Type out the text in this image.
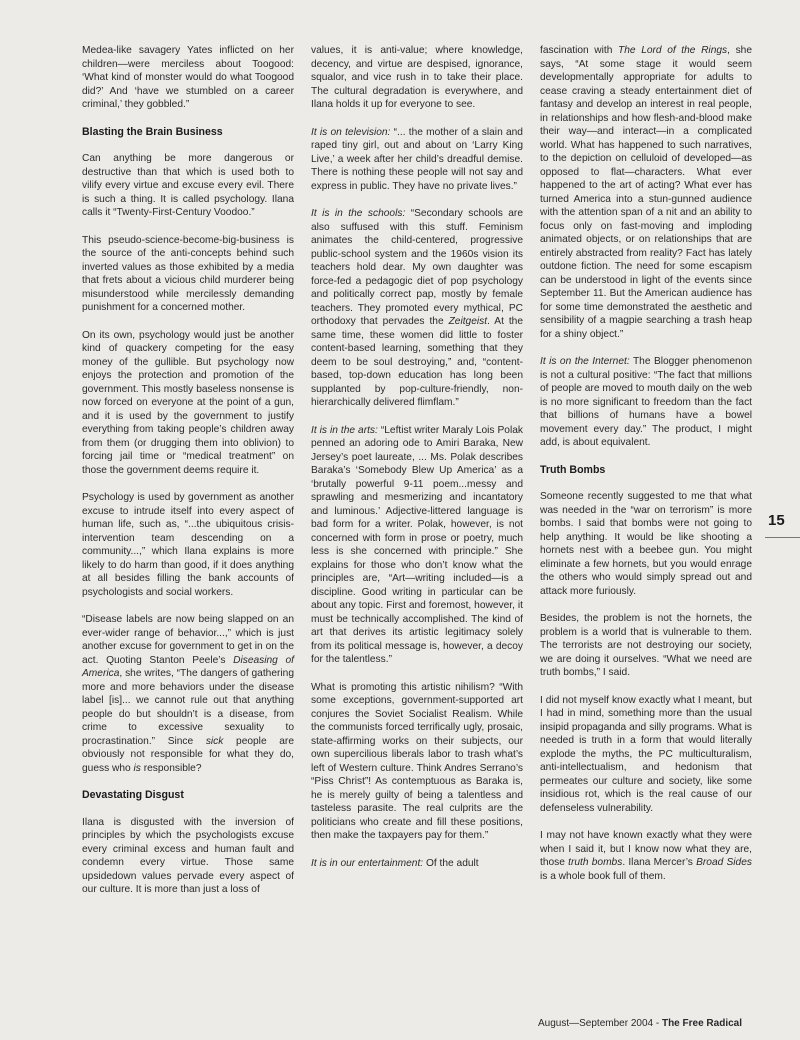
Medea-like savagery Yates inflicted on her children—were merciless about Toogood: ‘What kind of monster would do what Toogood did?’ And ‘have we stumbled on a career criminal,’ they gobbled.”

Blasting the Brain Business

Can anything be more dangerous or destructive than that which is used both to vilify every virtue and excuse every evil. There is such a thing. It is called psychology. Ilana calls it “Twenty-First-Century Voodoo.”

This pseudo-science-become-big-business is the source of the anti-concepts behind such inverted values as those exhibited by a media that frets about a vicious child murderer being misunderstood while mercilessly demanding punishment for a concerned mother.

On its own, psychology would just be another kind of quackery competing for the easy money of the gullible. But psychology now enjoys the protection and promotion of the government. This mostly baseless nonsense is now forced on everyone at the point of a gun, and it is used by the government to justify everything from taking people’s children away from them (or drugging them into oblivion) to forcing jail time or “medical treatment” on those the government deems require it.

Psychology is used by government as another excuse to intrude itself into every aspect of human life, such as, “...the ubiquitous crisis-intervention team descending on a community...,” which Ilana explains is more likely to do harm than good, if it does anything at all besides filling the bank accounts of psychologists and social workers.

“Disease labels are now being slapped on an ever-wider range of behavior...,” which is just another excuse for government to get in on the act. Quoting Stanton Peele’s Diseasing of America, she writes, “The dangers of gathering more and more behaviors under the disease label [is]... we cannot rule out that anything people do but shouldn’t is a disease, from crime to excessive sexuality to procrastination.” Since sick people are obviously not responsible for what they do, guess who is responsible?

Devastating Disgust

Ilana is disgusted with the inversion of principles by which the psychologists excuse every criminal excess and human fault and condemn every virtue. Those same upsidedown values pervade every aspect of our culture. It is more than just a loss of

values, it is anti-value; where knowledge, decency, and virtue are despised, ignorance, squalor, and vice rush in to take their place. The cultural degradation is everywhere, and Ilana holds it up for everyone to see.

It is on television: “... the mother of a slain and raped tiny girl, out and about on ‘Larry King Live,’ a week after her child’s dreadful demise. There is nothing these people will not say and express in public. They have no private lives.”

It is in the schools: “Secondary schools are also suffused with this stuff. Feminism animates the child-centered, progressive public-school system and the 1960s vision its teachers hold dear. My own daughter was force-fed a pedagogic diet of pop psychology and politically correct pap, mostly by female teachers. They promoted every mythical, PC orthodoxy that pervades the Zeitgeist. At the same time, these women did little to foster content-based learning, something that they deem to be soul destroying,” and, “content-based, top-down education has long been supplanted by pop-culture-friendly, non-hierarchically delivered flimflam.”

It is in the arts: “Leftist writer Maraly Lois Polak penned an adoring ode to Amiri Baraka, New Jersey’s poet laureate, ... Ms. Polak describes Baraka’s ‘Somebody Blew Up America’ as a ‘brutally powerful 9-11 poem...messy and sprawling and mesmerizing and incantatory and luminous.’ Adjective-littered language is bad form for a writer. Polak, however, is not concerned with form in prose or poetry, much less is she concerned with principle.” She explains for those who don’t know what the principles are, “Art—writing included—is a discipline. Good writing in particular can be about any topic. First and foremost, however, it must be technically accomplished. The kind of art that derives its artistic legitimacy solely from its political message is, however, a decoy for the talentless.”

What is promoting this artistic nihilism? “With some exceptions, government-supported art conjures the Soviet Socialist Realism. While the communists forced terrifically ugly, prosaic, state-affirming works on their subjects, our own supercilious liberals labor to trash what’s left of Western culture. Think Andres Serrano’s “Piss Christ”! As contemptuous as Baraka is, he is merely guilty of being a talentless and tasteless parasite. The real culprits are the politicians who create and fill these positions, then make the taxpayers pay for them.”

It is in our entertainment: Of the adult

fascination with The Lord of the Rings, she says, “At some stage it would seem developmentally appropriate for adults to cease craving a steady entertainment diet of fantasy and develop an interest in real people, in relationships and how flesh-and-blood make their way—and interact—in a complicated world. What has happened to such narratives, to the depiction on celluloid of developed—as opposed to flat—characters. What ever happened to the art of acting? What ever has turned America into a stun-gunned audience with the attention span of a nit and an ability to focus only on fast-moving and imploding animated objects, or on relationships that are entirely abstracted from reality? Fact has lately outdone fiction. The need for some escapism can be understood in light of the events since September 11. But the American audience has for some time demonstrated the aesthetic and sensibility of a magpie searching a trash heap for a shiny object.”

It is on the Internet: The Blogger phenomenon is not a cultural positive: “The fact that millions of people are moved to mouth daily on the web is no more significant to freedom than the fact that billions of humans have a bowel movement every day.” The product, I might add, is about equivalent.

Truth Bombs

Someone recently suggested to me that what was needed in the “war on terrorism” is more bombs. I said that bombs were not going to help anything. It would be like shooting a hornets nest with a beebee gun. You might eliminate a few hornets, but you would enrage the others who would simply spread out and attack more furiously.

Besides, the problem is not the hornets, the problem is a world that is vulnerable to them. The terrorists are not destroying our society, we are doing it ourselves. “What we need are truth bombs,” I said.

I did not myself know exactly what I meant, but I had in mind, something more than the usual insipid propaganda and silly programs. What is needed is truth in a form that would literally explode the myths, the PC multiculturalism, anti-intellectualism, and hedonism that permeates our culture and society, like some insidious rot, which is the real cause of our defenseless vulnerability.

I may not have known exactly what they were when I said it, but I know now what they are, those truth bombs. Ilana Mercer’s Broad Sides is a whole book full of them.

15
August—September 2004 - The Free Radical
